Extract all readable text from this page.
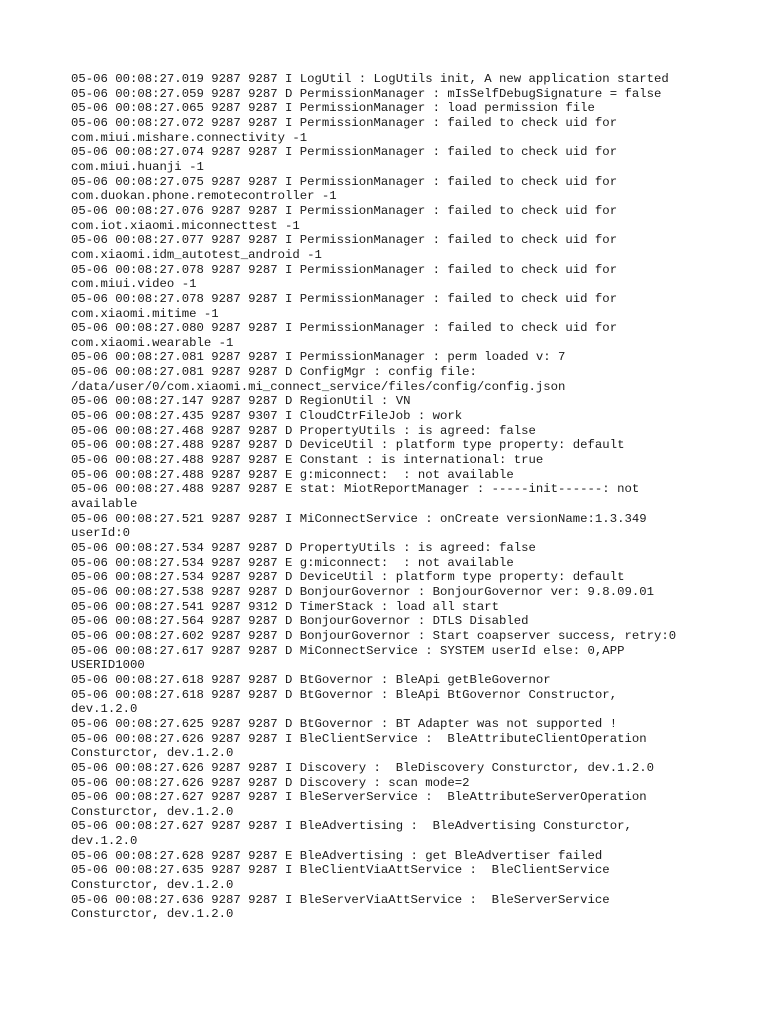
05-06 00:08:27.019 9287 9287 I LogUtil : LogUtils init, A new application started
05-06 00:08:27.059 9287 9287 D PermissionManager : mIsSelfDebugSignature = false
05-06 00:08:27.065 9287 9287 I PermissionManager : load permission file
05-06 00:08:27.072 9287 9287 I PermissionManager : failed to check uid for
com.miui.mishare.connectivity -1
05-06 00:08:27.074 9287 9287 I PermissionManager : failed to check uid for
com.miui.huanji -1
05-06 00:08:27.075 9287 9287 I PermissionManager : failed to check uid for
com.duokan.phone.remotecontroller -1
05-06 00:08:27.076 9287 9287 I PermissionManager : failed to check uid for
com.iot.xiaomi.miconnecttest -1
05-06 00:08:27.077 9287 9287 I PermissionManager : failed to check uid for
com.xiaomi.idm_autotest_android -1
05-06 00:08:27.078 9287 9287 I PermissionManager : failed to check uid for
com.miui.video -1
05-06 00:08:27.078 9287 9287 I PermissionManager : failed to check uid for
com.xiaomi.mitime -1
05-06 00:08:27.080 9287 9287 I PermissionManager : failed to check uid for
com.xiaomi.wearable -1
05-06 00:08:27.081 9287 9287 I PermissionManager : perm loaded v: 7
05-06 00:08:27.081 9287 9287 D ConfigMgr : config file:
/data/user/0/com.xiaomi.mi_connect_service/files/config/config.json
05-06 00:08:27.147 9287 9287 D RegionUtil : VN
05-06 00:08:27.435 9287 9307 I CloudCtrFileJob : work
05-06 00:08:27.468 9287 9287 D PropertyUtils : is agreed: false
05-06 00:08:27.488 9287 9287 D DeviceUtil : platform type property: default
05-06 00:08:27.488 9287 9287 E Constant : is international: true
05-06 00:08:27.488 9287 9287 E g:miconnect:  : not available
05-06 00:08:27.488 9287 9287 E stat: MiotReportManager : -----init------: not
available
05-06 00:08:27.521 9287 9287 I MiConnectService : onCreate versionName:1.3.349
userId:0
05-06 00:08:27.534 9287 9287 D PropertyUtils : is agreed: false
05-06 00:08:27.534 9287 9287 E g:miconnect:  : not available
05-06 00:08:27.534 9287 9287 D DeviceUtil : platform type property: default
05-06 00:08:27.538 9287 9287 D BonjourGovernor : BonjourGovernor ver: 9.8.09.01
05-06 00:08:27.541 9287 9312 D TimerStack : load all start
05-06 00:08:27.564 9287 9287 D BonjourGovernor : DTLS Disabled
05-06 00:08:27.602 9287 9287 D BonjourGovernor : Start coapserver success, retry:0
05-06 00:08:27.617 9287 9287 D MiConnectService : SYSTEM userId else: 0,APP
USERID1000
05-06 00:08:27.618 9287 9287 D BtGovernor : BleApi getBleGovernor
05-06 00:08:27.618 9287 9287 D BtGovernor : BleApi BtGovernor Constructor,
dev.1.2.0
05-06 00:08:27.625 9287 9287 D BtGovernor : BT Adapter was not supported !
05-06 00:08:27.626 9287 9287 I BleClientService :  BleAttributeClientOperation
Consturctor, dev.1.2.0
05-06 00:08:27.626 9287 9287 I Discovery :  BleDiscovery Consturctor, dev.1.2.0
05-06 00:08:27.626 9287 9287 D Discovery : scan mode=2
05-06 00:08:27.627 9287 9287 I BleServerService :  BleAttributeServerOperation
Consturctor, dev.1.2.0
05-06 00:08:27.627 9287 9287 I BleAdvertising :  BleAdvertising Consturctor,
dev.1.2.0
05-06 00:08:27.628 9287 9287 E BleAdvertising : get BleAdvertiser failed
05-06 00:08:27.635 9287 9287 I BleClientViaAttService :  BleClientService
Consturctor, dev.1.2.0
05-06 00:08:27.636 9287 9287 I BleServerViaAttService :  BleServerService
Consturctor, dev.1.2.0
